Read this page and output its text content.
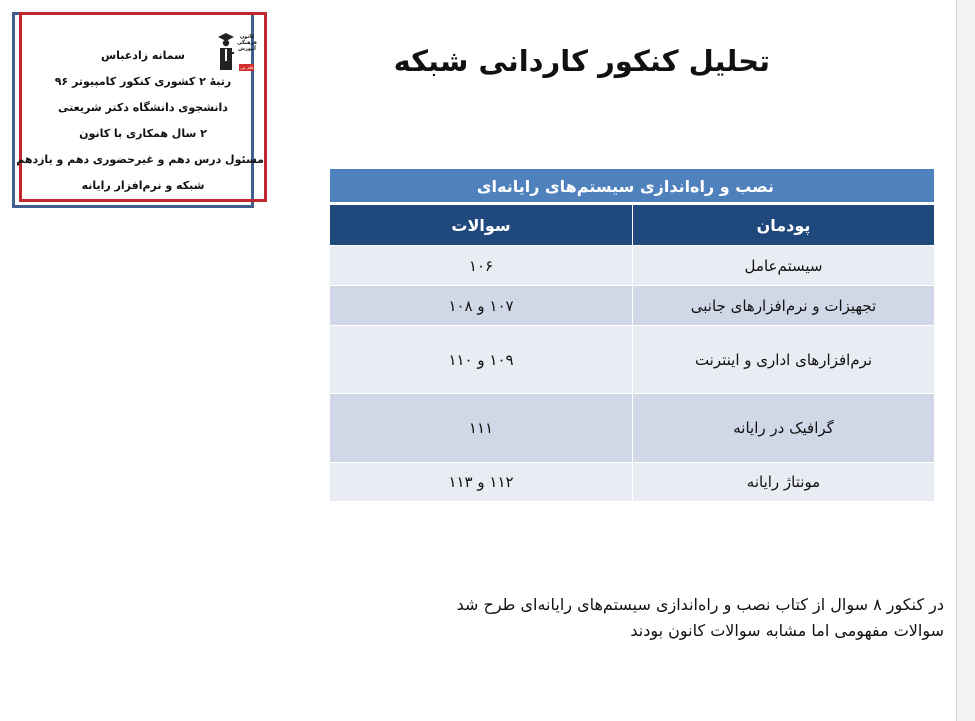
سمانه زادعباس
رتبهٔ ۲ کشوری کنکور کامپیوتر ۹۶
دانشجوی دانشگاه دکتر شریعتی
۲ سال همکاری با کانون
مسئول درس دهم و غیرحضوری دهم و یازدهم
شبکه و نرم‌افزار رایانه
کانون
فرهنگی
آموزش
قلم چی	تحلیل کنکور کاردانی شبکه
نصب و راه‌اندازی سیستم‌های رایانه‌ای
پودمان
سوالات
سیستم‌عامل
۱۰۶
تجهیزات و نرم‌افزارهای جانبی
۱۰۷ و ۱۰۸
نرم‌افزارهای اداری و اینترنت
۱۰۹ و ۱۱۰
گرافیک در رایانه
۱۱۱
مونتاژ رایانه
۱۱۲ و ۱۱۳

در کنکور ۸ سوال از کتاب نصب و راه‌اندازی سیستم‌های رایانه‌ای طرح شد

سوالات مفهومی اما مشابه سوالات کانون بودند
